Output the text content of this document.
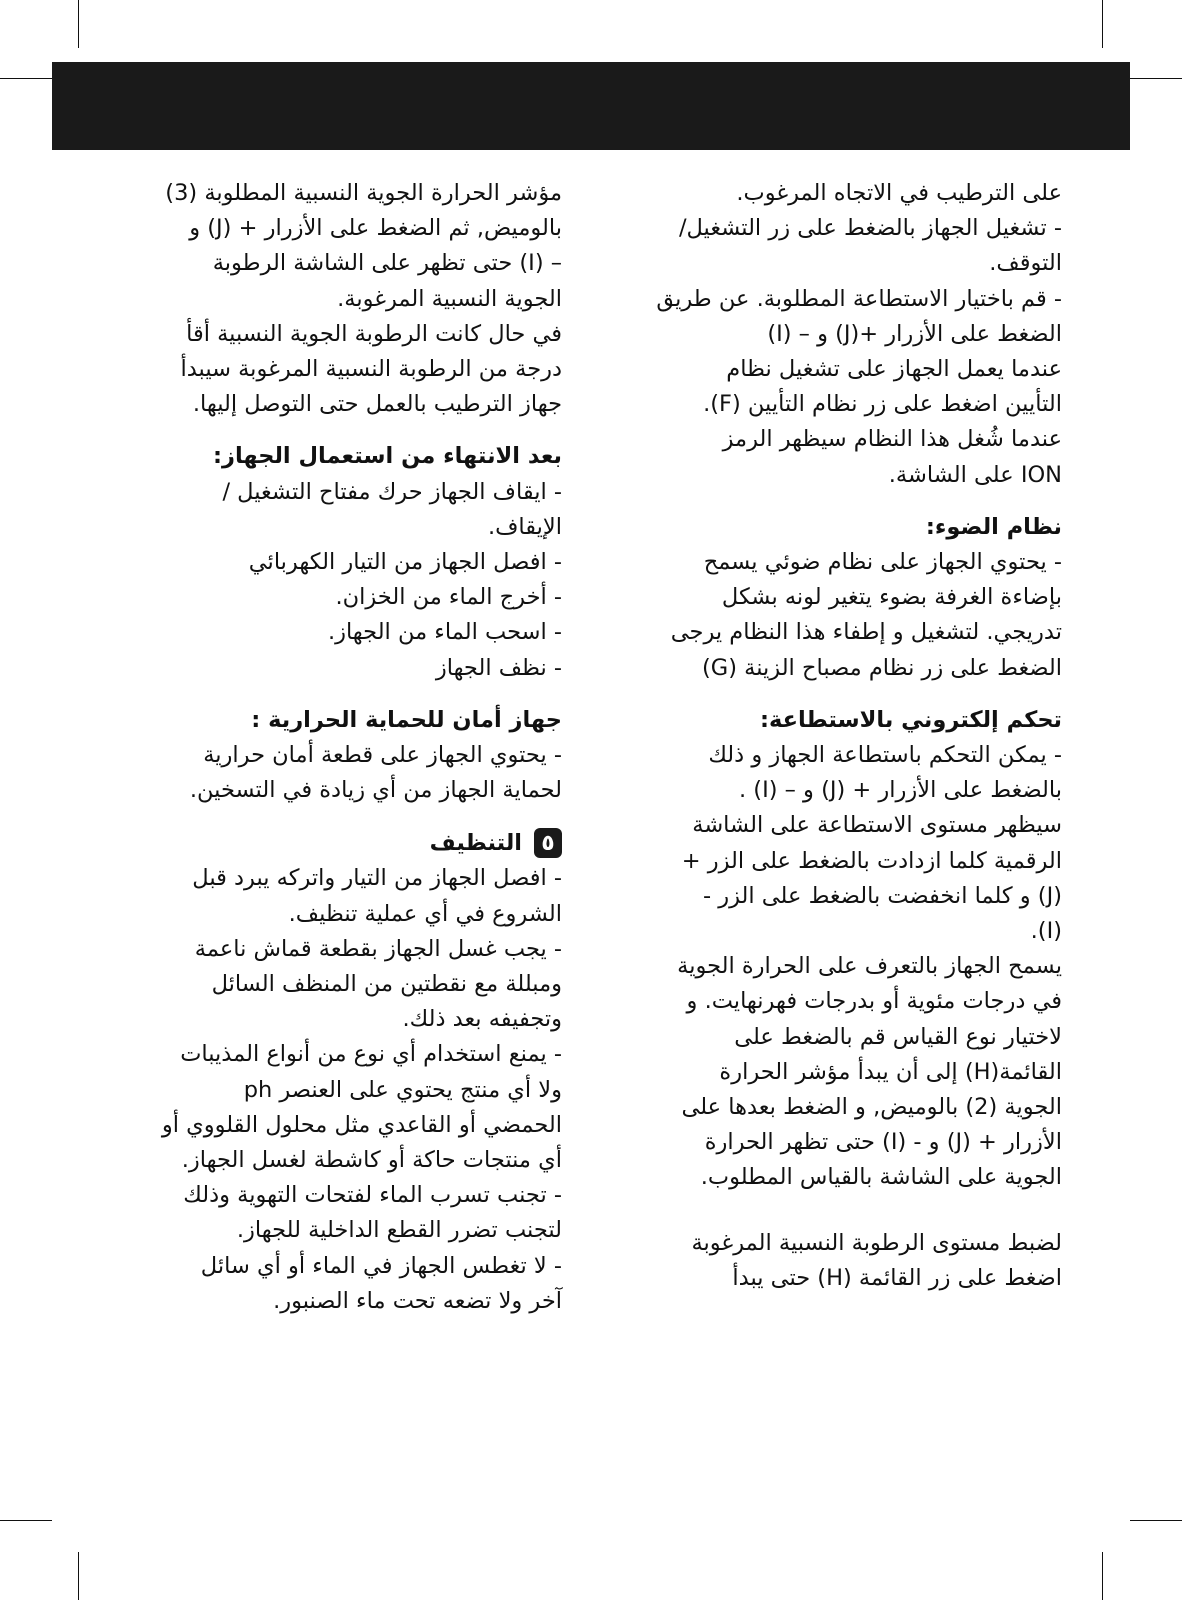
على الترطيب في الاتجاه المرغوب.
- تشغيل الجهاز بالضغط على زر التشغيل/
التوقف.
- قم باختيار الاستطاعة المطلوبة. عن طريق
الضغط على الأزرار +(J) و – (I)
عندما يعمل الجهاز على تشغيل نظام
التأيين اضغط على زر نظام التأيين (F).
عندما شُغل هذا النظام سيظهر الرمز
ION على الشاشة.
نظام الضوء:
- يحتوي الجهاز على نظام ضوئي يسمح
بإضاءة الغرفة بضوء يتغير لونه بشكل
تدريجي. لتشغيل و إطفاء هذا النظام يرجى
الضغط على زر نظام مصباح الزينة (G)
تحكم إلكتروني بالاستطاعة:
- يمكن التحكم باستطاعة الجهاز و ذلك
بالضغط على الأزرار + (J) و – (I) .
سيظهر مستوى الاستطاعة على الشاشة
الرقمية كلما ازدادت بالضغط على الزر +
(J) و كلما انخفضت بالضغط على الزر -
(I).
يسمح الجهاز بالتعرف على الحرارة الجوية
في درجات مئوية أو بدرجات فهرنهايت. و
لاختيار نوع القياس قم بالضغط على
القائمة(H) إلى أن يبدأ مؤشر الحرارة
الجوية (2) بالوميض, و الضغط بعدها على
الأزرار + (J) و - (I) حتى تظهر الحرارة
الجوية على الشاشة بالقياس المطلوب.
لضبط مستوى الرطوبة النسبية المرغوبة
اضغط على زر القائمة (H) حتى يبدأ
مؤشر الحرارة الجوية النسبية المطلوبة (3)
بالوميض, ثم الضغط على الأزرار + (J) و
– (I) حتى تظهر على الشاشة الرطوبة
الجوية النسبية المرغوبة.
في حال كانت الرطوبة الجوية النسبية أقأ
درجة من الرطوبة النسبية المرغوبة سيبدأ
جهاز الترطيب بالعمل حتى التوصل إليها.
بعد الانتهاء من استعمال الجهاز:
- ايقاف الجهاز حرك مفتاح التشغيل /
الإيقاف.
- افصل الجهاز من التيار الكهربائي
- أخرج الماء من الخزان.
- اسحب الماء من الجهاز.
- نظف الجهاز
جهاز أمان للحماية الحرارية :
- يحتوي الجهاز على قطعة أمان حرارية
لحماية الجهاز من أي زيادة في التسخين.
٥
التنظيف
- افصل الجهاز من التيار واتركه يبرد قبل
الشروع في أي عملية تنظيف.
- يجب غسل الجهاز بقطعة قماش ناعمة
ومبللة مع نقطتين من المنظف السائل
وتجفيفه بعد ذلك.
- يمنع استخدام أي نوع من أنواع المذيبات
ولا أي منتج يحتوي على العنصر ph
الحمضي أو القاعدي مثل محلول القلووي أو
أي منتجات حاكة أو كاشطة لغسل الجهاز.
- تجنب تسرب الماء لفتحات التهوية وذلك
لتجنب تضرر القطع الداخلية للجهاز.
- لا تغطس الجهاز في الماء أو أي سائل
آخر ولا تضعه تحت ماء الصنبور.
